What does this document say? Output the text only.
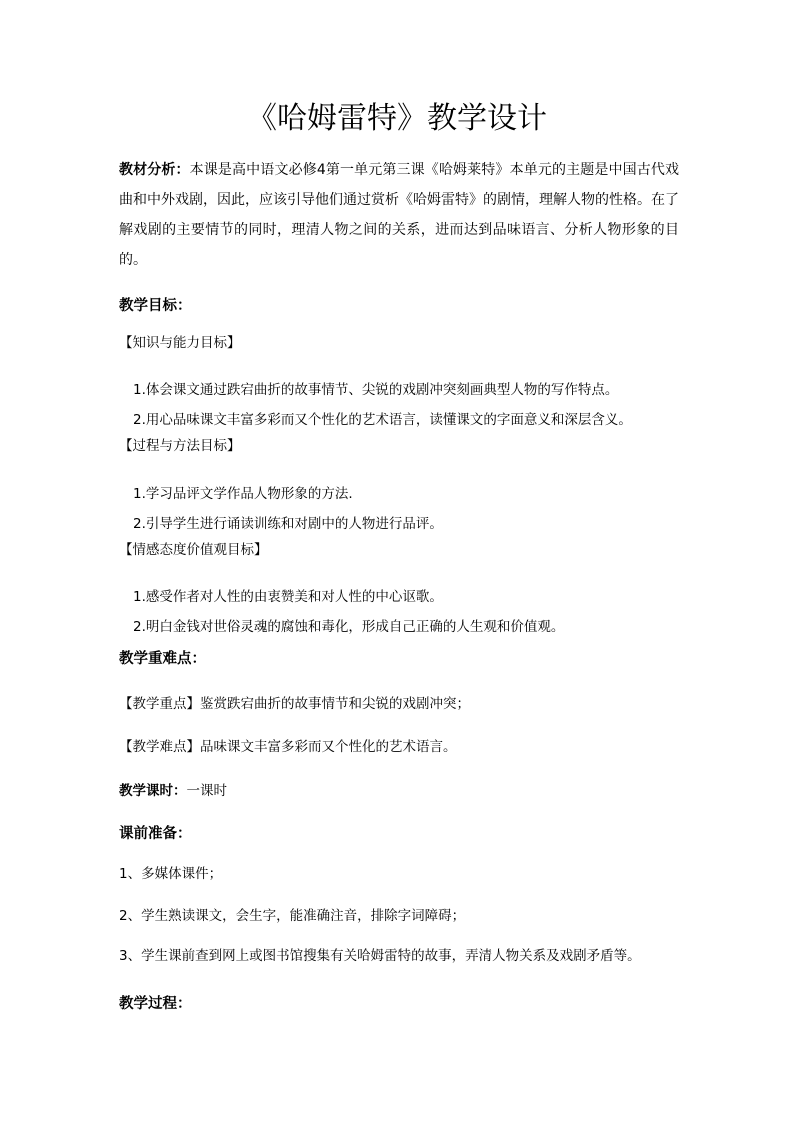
《哈姆雷特》教学设计

教材分析：本课是高中语文必修4第一单元第三课《哈姆莱特》本单元的主题是中国古代戏曲和中外戏剧，因此，应该引导他们通过赏析《哈姆雷特》的剧情，理解人物的性格。在了解戏剧的主要情节的同时，理清人物之间的关系，进而达到品味语言、分析人物形象的目的。

教学目标：

【知识与能力目标】

1.体会课文通过跌宕曲折的故事情节、尖锐的戏剧冲突刻画典型人物的写作特点。

2.用心品味课文丰富多彩而又个性化的艺术语言，读懂课文的字面意义和深层含义。

【过程与方法目标】

1.学习品评文学作品人物形象的方法.

2.引导学生进行诵读训练和对剧中的人物进行品评。

【情感态度价值观目标】

1.感受作者对人性的由衷赞美和对人性的中心讴歌。

2.明白金钱对世俗灵魂的腐蚀和毒化，形成自己正确的人生观和价值观。

教学重难点：

【教学重点】鉴赏跌宕曲折的故事情节和尖锐的戏剧冲突；

【教学难点】品味课文丰富多彩而又个性化的艺术语言。

教学课时：一课时

课前准备：

1、多媒体课件；

2、学生熟读课文，会生字，能准确注音，排除字词障碍；

3、学生课前查到网上或图书馆搜集有关哈姆雷特的故事，弄清人物关系及戏剧矛盾等。

教学过程：
